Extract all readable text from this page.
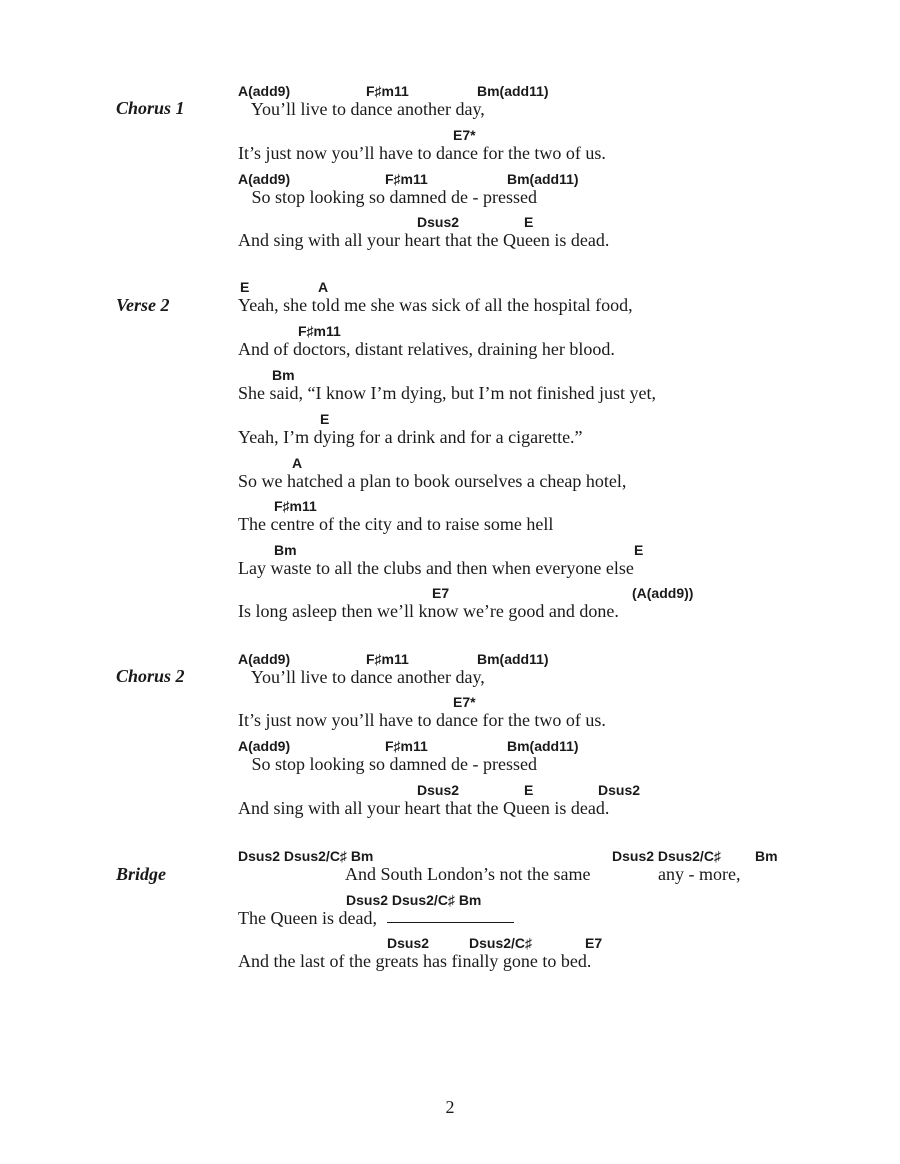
Chorus 1
A(add9)	F♯m11	Bm(add11)
You’ll live to dance another day,
E7*
It’s just now you’ll have to dance for the two of us.
A(add9)	F♯m11	Bm(add11)
So stop looking so damned de - pressed
Dsus2	E
And sing with all your heart that the Queen is dead.
Verse 2
E	A
Yeah, she told me she was sick of all the hospital food,
F♯m11
And of doctors, distant relatives, draining her blood.
Bm
She said, “I know I’m dying, but I’m not finished just yet,
E
Yeah, I’m dying for a drink and for a cigarette.”
A
So we hatched a plan to book ourselves a cheap hotel,
F♯m11
The centre of the city and to raise some hell
Bm	E
Lay waste to all the clubs and then when everyone else
E7	(A(add9))
Is long asleep then we’ll know we’re good and done.
Chorus 2
A(add9)	F♯m11	Bm(add11)
You’ll live to dance another day,
E7*
It’s just now you’ll have to dance for the two of us.
A(add9)	F♯m11	Bm(add11)
So stop looking so damned de - pressed
Dsus2	E	Dsus2
And sing with all your heart that the Queen is dead.
Bridge
Dsus2 Dsus2/C♯ Bm	Dsus2 Dsus2/C♯ Bm
And South London’s not the same               any - more,
Dsus2 Dsus2/C♯ Bm
The Queen is dead,
Dsus2	Dsus2/C♯	E7
And the last of the greats has finally gone to bed.
2
